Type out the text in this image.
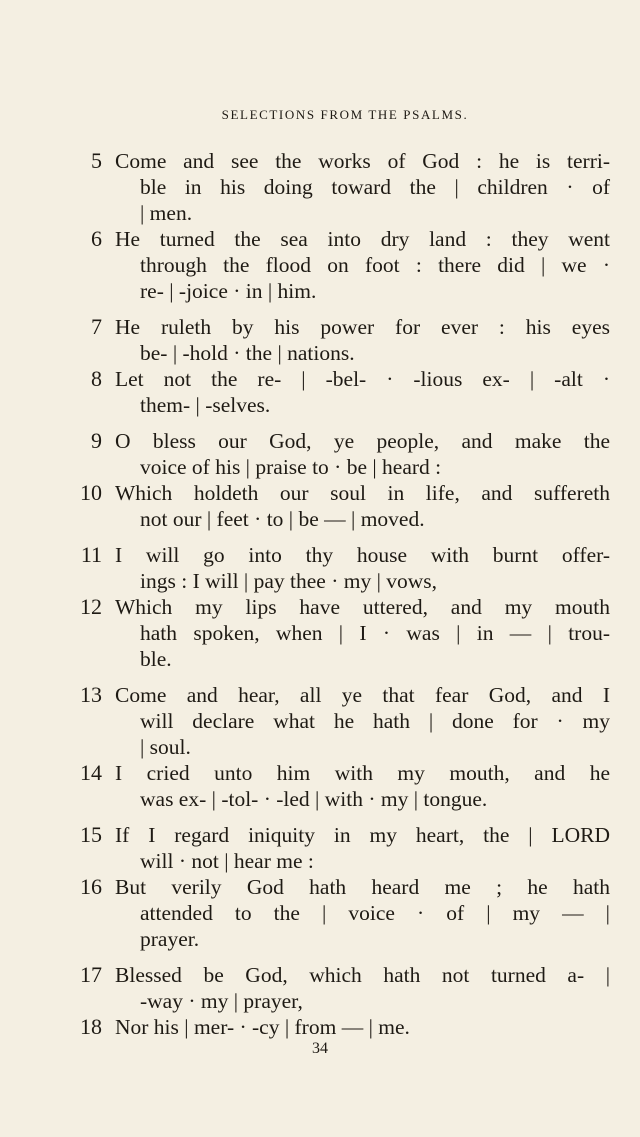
SELECTIONS FROM THE PSALMS.
5 Come and see the works of God : he is terri-
ble in his doing toward the | children · of
| men.
6 He turned the sea into dry land : they went
through the flood on foot : there did | we ·
re- | -joice · in | him.
7 He ruleth by his power for ever : his eyes
be- | -hold · the | nations.
8 Let not the re- | -bel- · -lious ex- | -alt ·
them- | -selves.
9 O bless our God, ye people, and make the
voice of his | praise to · be | heard :
10 Which holdeth our soul in life, and suffereth
not our | feet · to | be — | moved.
11 I will go into thy house with burnt offer-
ings : I will | pay thee · my | vows,
12 Which my lips have uttered, and my mouth
hath spoken, when | I · was | in — | trou-
ble.
13 Come and hear, all ye that fear God, and I
will declare what he hath | done for · my
| soul.
14 I cried unto him with my mouth, and he
was ex- | -tol- · -led | with · my | tongue.
15 If I regard iniquity in my heart, the | LORD
will · not | hear me :
16 But verily God hath heard me ; he hath
attended to the | voice · of | my — |
prayer.
17 Blessed be God, which hath not turned a- |
-way · my | prayer,
18 Nor his | mer- · -cy | from — | me.
34
